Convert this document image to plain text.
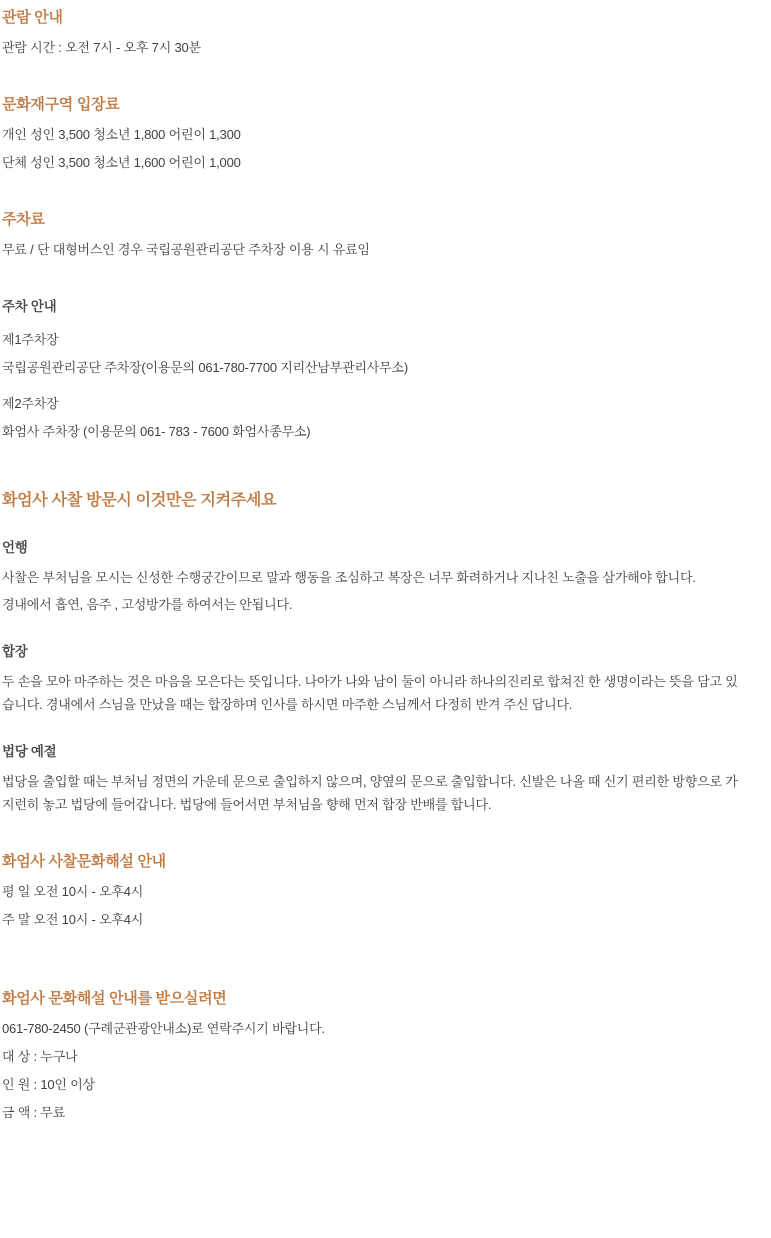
관람 안내
관람 시간 : 오전 7시 - 오후 7시 30분
문화재구역 입장료
개인 성인 3,500 청소년 1,800 어린이 1,300
단체 성인 3,500 청소년 1,600 어린이 1,000
주차료
무료 / 단 대형버스인 경우 국립공원관리공단 주차장 이용 시 유료임
주차 안내
제1주차장
국립공원관리공단 주차장(이용문의 061-780-7700 지리산남부관리사무소)
제2주차장
화엄사 주차장 (이용문의 061- 783 - 7600 화엄사종무소)
화엄사 사찰 방문시 이것만은 지켜주세요
언행
사찰은 부처님을 모시는 신성한 수행궁간이므로 말과 행동을 조심하고 복장은 너무 화려하거나 지나친 노출을 삼가해야 합니다.
경내에서 흡연, 음주 , 고성방가를 하여서는 안됩니다.
합장
두 손을 모아 마주하는 것은 마음을 모은다는 뜻입니다. 나아가 나와 남이 둘이 아니라 하나의진리로 합쳐진 한 생명이라는 뜻을 담고 있습니다. 경내에서 스님을 만났을 때는 합장하며 인사를 하시면 마주한 스님께서 다정히 반겨 주신 답니다.
법당 예절
법당을 출입할 때는 부처님 정면의 가운데 문으로 출입하지 않으며, 양옆의 문으로 출입합니다. 신발은 나올 때 신기 편리한 방향으로 가지런히 놓고 법당에 들어갑니다. 법당에 들어서면 부처님을 향해 먼저 합장 반배를 합니다.
화엄사 사찰문화해설 안내
평 일 오전 10시 - 오후4시
주 말 오전 10시 - 오후4시
화엄사 문화해설 안내를 받으실려면
061-780-2450 (구례군관광안내소)로 연락주시기 바랍니다.
대 상 : 누구나
인 원 : 10인 이상
금 액 : 무료
